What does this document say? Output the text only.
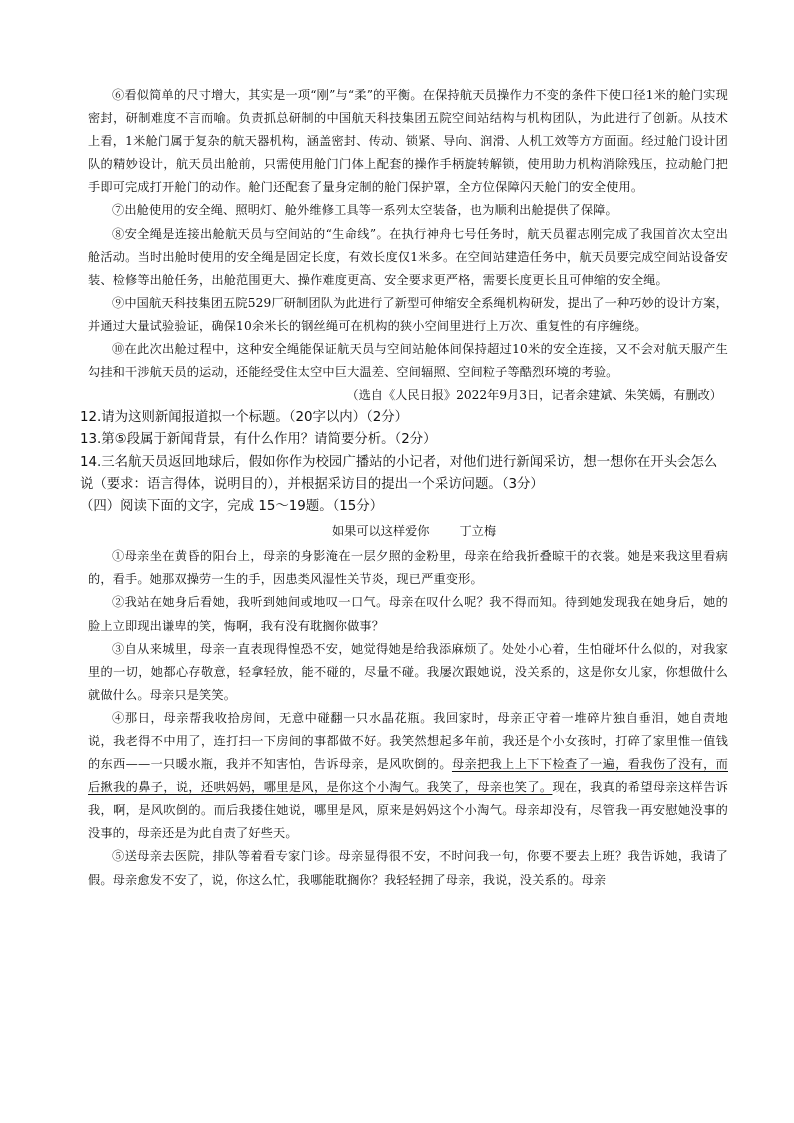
⑥看似简单的尺寸增大，其实是一项“刚”与“柔”的平衡。在保持航天员操作力不变的条件下使口径1米的舱门实现密封，研制难度不言而喻。负责抓总研制的中国航天科技集团五院空间站结构与机构团队，为此进行了创新。从技术上看，1米舱门属于复杂的航天器机构，涵盖密封、传动、锁紧、导向、润滑、人机工效等方方面面。经过舱门设计团队的精妙设计，航天员出舱前，只需使用舱门门体上配套的操作手柄旋转解锁，使用助力机构消除残压，拉动舱门把手即可完成打开舱门的动作。舱门还配套了量身定制的舱门保护罩，全方位保障闪天舱门的安全使用。

⑦出舱使用的安全绳、照明灯、舱外维修工具等一系列太空装备，也为顺利出舱提供了保障。

⑧安全绳是连接出舱航天员与空间站的“生命线”。在执行神舟七号任务时，航天员翟志刚完成了我国首次太空出舱活动。当时出舱时使用的安全绳是固定长度，有效长度仅1米多。在空间站建造任务中，航天员要完成空间站设备安装、检修等出舱任务，出舱范围更大、操作难度更高、安全要求更严格，需要长度更长且可伸缩的安全绳。

⑨中国航天科技集团五院529厂研制团队为此进行了新型可伸缩安全系绳机构研发，提出了一种巧妙的设计方案，并通过大量试验验证，确保10余米长的钢丝绳可在机构的狭小空间里进行上万次、重复性的有序缠绕。

⑩在此次出舱过程中，这种安全绳能保证航天员与空间站舱体间保持超过10米的安全连接，又不会对航天服产生勾挂和干涉航天员的运动，还能经受住太空中巨大温差、空间辐照、空间粒子等酷烈环境的考验。

（选自《人民日报》2022年9月3日，记者余建斌、朱笑嫣，有删改）

12.请为这则新闻报道拟一个标题。（20字以内）（2分）

13.第⑤段属于新闻背景，有什么作用？请简要分析。（2分）

14.三名航天员返回地球后，假如你作为校园广播站的小记者，对他们进行新闻采访，想一想你在开头会怎么说（要求：语言得体，说明目的），并根据采访目的提出一个采访问题。（3分）

（四）阅读下面的文字，完成 15～19题。（15分）

如果可以这样爱你 丁立梅

①母亲坐在黄昏的阳台上，母亲的身影淹在一层夕照的金粉里，母亲在给我折叠晾干的衣裳。她是来我这里看病的，看手。她那双操劳一生的手，因患类风湿性关节炎，现已严重变形。

②我站在她身后看她，我听到她间或地叹一口气。母亲在叹什么呢？我不得而知。待到她发现我在她身后，她的脸上立即现出谦卑的笑，悔啊，我有没有耽搁你做事？

③自从来城里，母亲一直表现得惶恐不安，她觉得她是给我添麻烦了。处处小心着，生怕碰坏什么似的，对我家里的一切，她都心存敬意，轻拿轻放，能不碰的，尽量不碰。我屡次跟她说，没关系的，这是你女儿家，你想做什么就做什么。母亲只是笑笑。

④那日，母亲帮我收拾房间，无意中碰翻一只水晶花瓶。我回家时，母亲正守着一堆碎片独自垂泪，她自责地说，我老得不中用了，连打扫一下房间的事都做不好。我笑然想起多年前，我还是个小女孩时，打碎了家里惟一值钱的东西——一只暖水瓶，我并不知害怕，告诉母亲，是风吹倒的。母亲把我上上下下检查了一遍，看我伤了没有，而后揪我的鼻子，说，还哄妈妈，哪里是风，是你这个小淘气。我笑了，母亲也笑了。现在，我真的希望母亲这样告诉我，啊，是风吹倒的。而后我搂住她说，哪里是风，原来是妈妈这个小淘气。母亲却没有，尽管我一再安慰她没事的没事的，母亲还是为此自责了好些天。

⑤送母亲去医院，排队等着看专家门诊。母亲显得很不安，不时问我一句，你要不要去上班？我告诉她，我请了假。母亲愈发不安了，说，你这么忙，我哪能耽搁你？我轻轻拥了母亲，我说，没关系的。母亲
